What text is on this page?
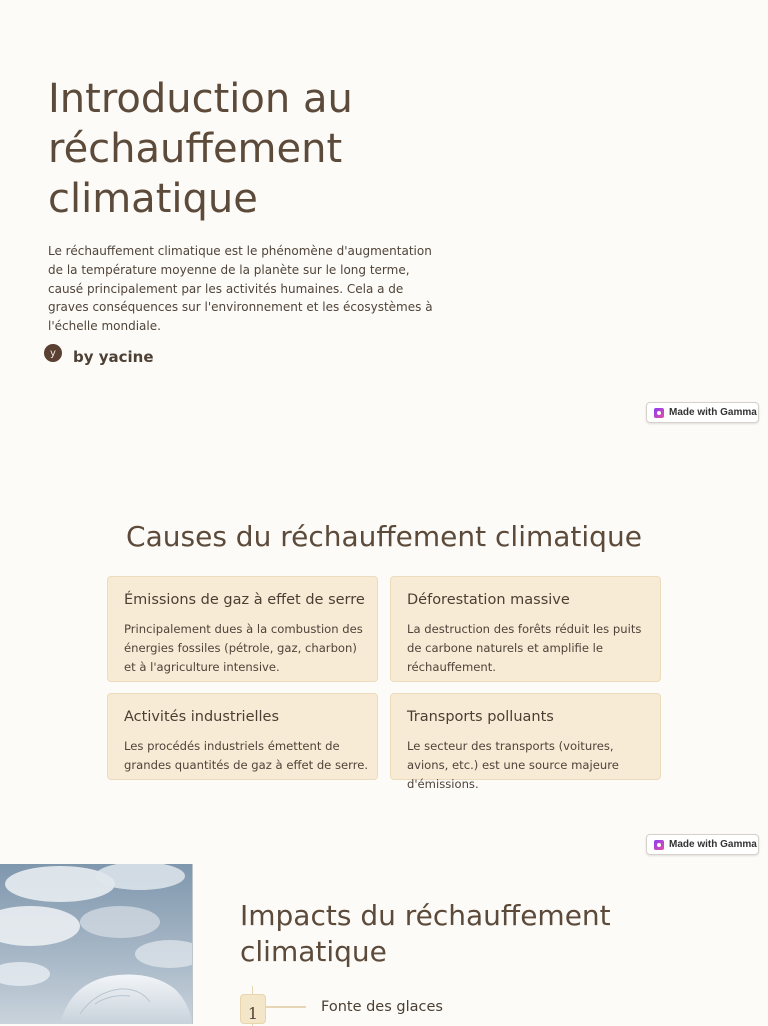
Introduction au
réchauffement
climatique

Le réchauffement climatique est le phénomène d'augmentation de la température moyenne de la planète sur le long terme, causé principalement par les activités humaines. Cela a de graves conséquences sur l'environnement et les écosystèmes à l'échelle mondiale.

y	by yacine
Made with Gamma
Causes du réchauffement climatique
Émissions de gaz à effet de serre
Principalement dues à la combustion des énergies fossiles (pétrole, gaz, charbon) et à l'agriculture intensive.
Déforestation massive
La destruction des forêts réduit les puits de carbone naturels et amplifie le réchauffement.
Activités industrielles
Les procédés industriels émettent de grandes quantités de gaz à effet de serre.
Transports polluants
Le secteur des transports (voitures, avions, etc.) est une source majeure d'émissions.
Made with Gamma
Impacts du réchauffement climatique
1	Fonte des glaces
